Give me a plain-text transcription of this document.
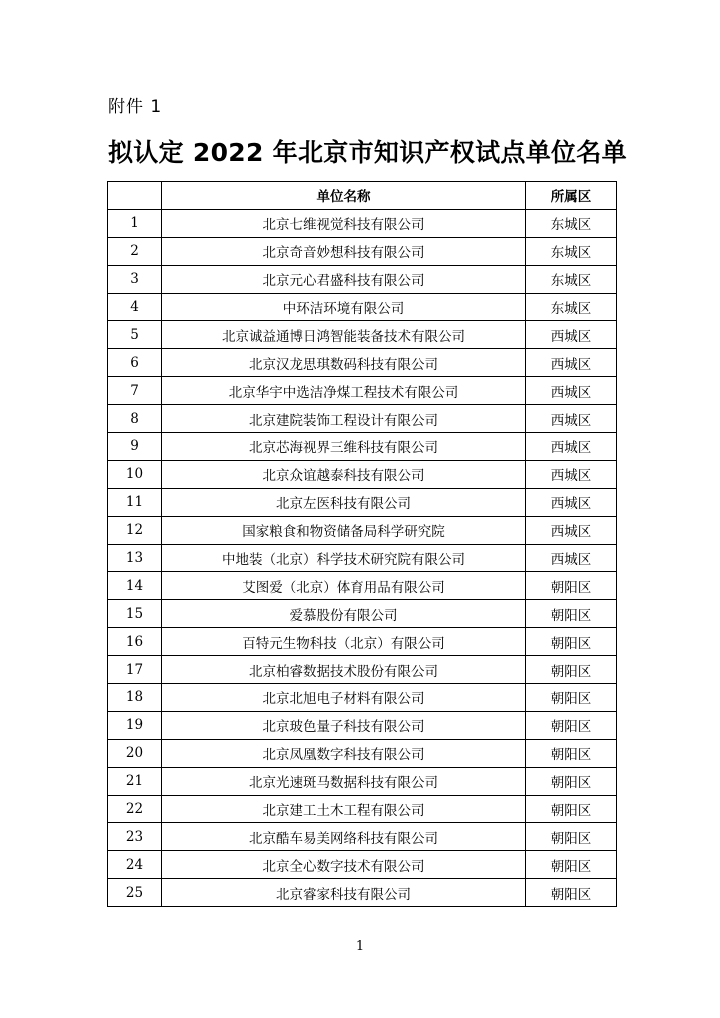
附件 1
拟认定 2022 年北京市知识产权试点单位名单
	单位名称	所属区
1	北京七维视觉科技有限公司	东城区
2	北京奇音妙想科技有限公司	东城区
3	北京元心君盛科技有限公司	东城区
4	中环洁环境有限公司	东城区
5	北京诚益通博日鸿智能装备技术有限公司	西城区
6	北京汉龙思琪数码科技有限公司	西城区
7	北京华宇中选洁净煤工程技术有限公司	西城区
8	北京建院装饰工程设计有限公司	西城区
9	北京芯海视界三维科技有限公司	西城区
10	北京众谊越泰科技有限公司	西城区
11	北京左医科技有限公司	西城区
12	国家粮食和物资储备局科学研究院	西城区
13	中地装（北京）科学技术研究院有限公司	西城区
14	艾图爱（北京）体育用品有限公司	朝阳区
15	爱慕股份有限公司	朝阳区
16	百特元生物科技（北京）有限公司	朝阳区
17	北京柏睿数据技术股份有限公司	朝阳区
18	北京北旭电子材料有限公司	朝阳区
19	北京玻色量子科技有限公司	朝阳区
20	北京凤凰数字科技有限公司	朝阳区
21	北京光速斑马数据科技有限公司	朝阳区
22	北京建工土木工程有限公司	朝阳区
23	北京酷车易美网络科技有限公司	朝阳区
24	北京全心数字技术有限公司	朝阳区
25	北京睿家科技有限公司	朝阳区
1
